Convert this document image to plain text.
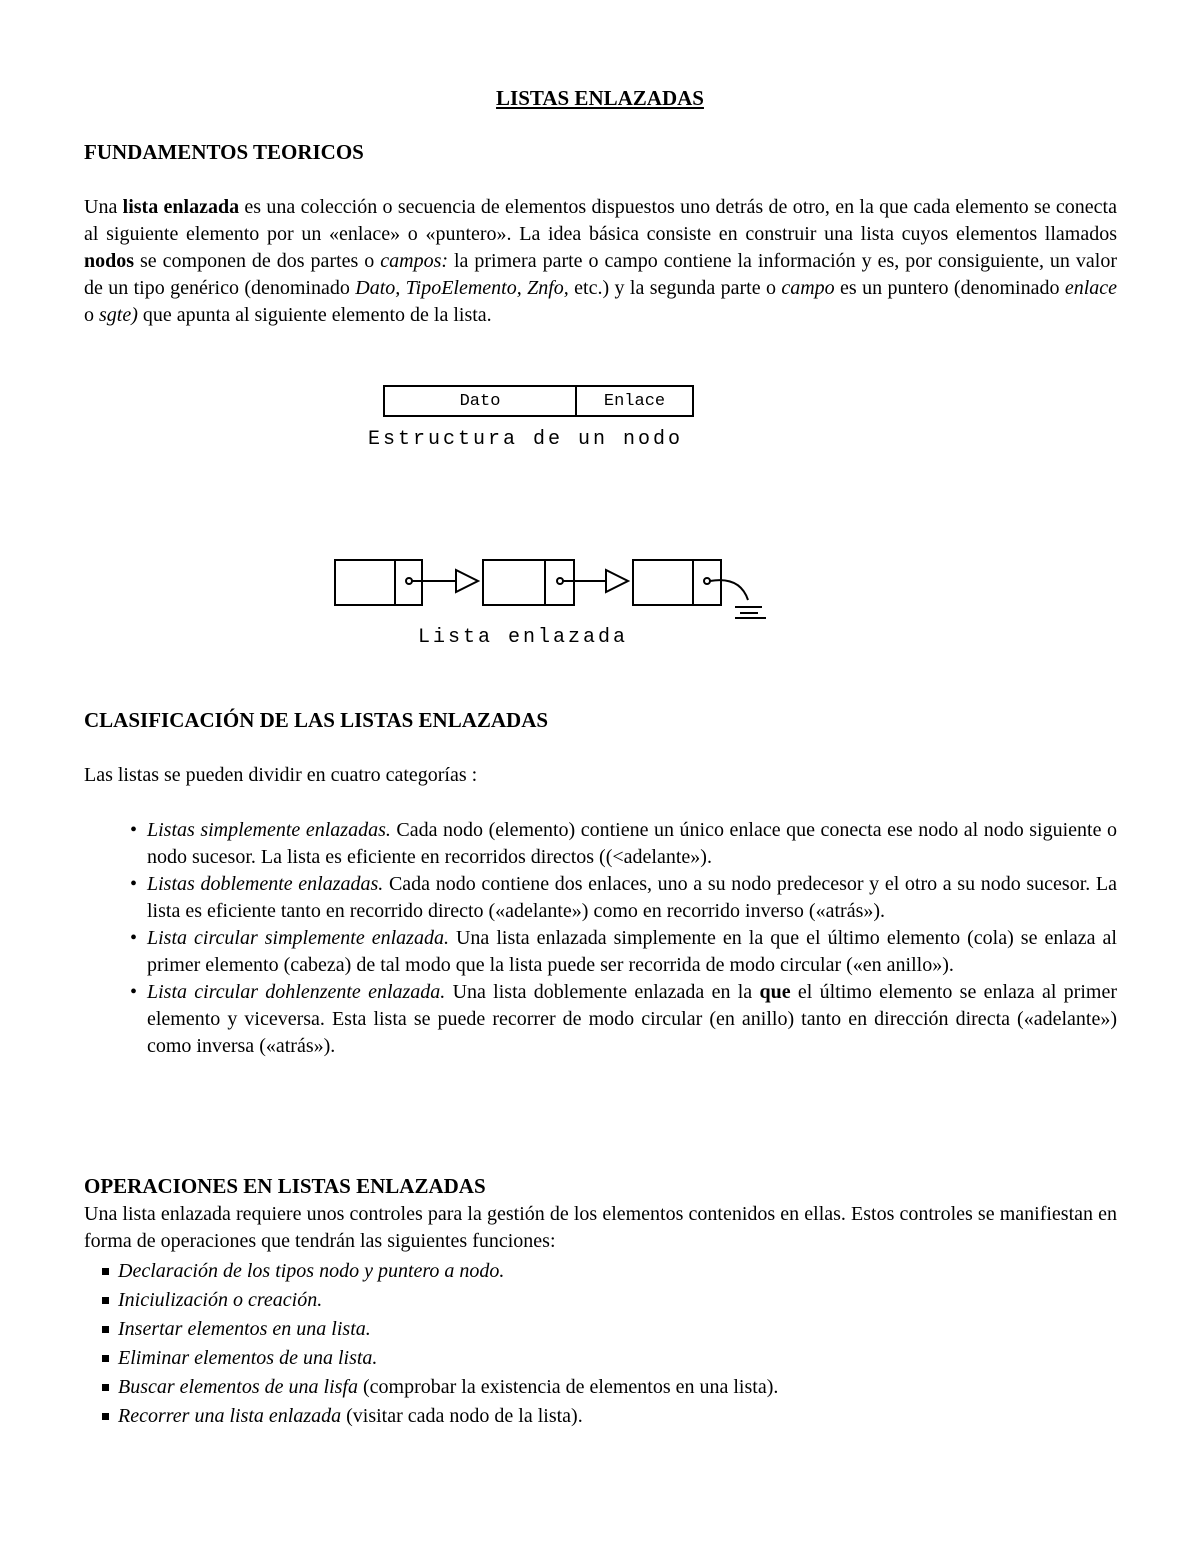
LISTAS ENLAZADAS
FUNDAMENTOS TEORICOS

Una lista enlazada es una colección o secuencia de elementos dispuestos uno detrás de otro, en la que cada elemento se conecta al siguiente elemento por un «enlace» o «puntero». La idea básica consiste en construir una lista cuyos elementos llamados nodos se componen de dos partes o campos: la primera parte o campo contiene la información y es, por consiguiente, un valor de un tipo genérico (denominado Dato, TipoElemento, Znfo, etc.) y la segunda parte o campo es un puntero (denominado enlace o sgte) que apunta al siguiente elemento de la lista.

Dato	Enlace
Estructura de un nodo
Lista enlazada
CLASIFICACIÓN DE LAS LISTAS ENLAZADAS

Las listas se pueden dividir en cuatro categorías :

• Listas simplemente enlazadas. Cada nodo (elemento) contiene un único enlace que conecta ese nodo al nodo siguiente o nodo sucesor. La lista es eficiente en recorridos directos ((<adelante»).
• Listas doblemente enlazadas. Cada nodo contiene dos enlaces, uno a su nodo predecesor y el otro a su nodo sucesor. La lista es eficiente tanto en recorrido directo («adelante») como en recorrido inverso («atrás»).
• Lista circular simplemente enlazada. Una lista enlazada simplemente en la que el último elemento (cola) se enlaza al primer elemento (cabeza) de tal modo que la lista puede ser recorrida de modo circular («en anillo»).
• Lista circular dohlenzente enlazada. Una lista doblemente enlazada en la que el último elemento se enlaza al primer elemento y viceversa. Esta lista se puede recorrer de modo circular (en anillo) tanto en dirección directa («adelante») como inversa («atrás»).
OPERACIONES EN LISTAS ENLAZADAS

Una lista enlazada requiere unos controles para la gestión de los elementos contenidos en ellas. Estos controles se manifiestan en forma de operaciones que tendrán las siguientes funciones:

Declaración de los tipos nodo y puntero a nodo.
Iniciulización o creación.
Insertar elementos en una lista.
Eliminar elementos de una lista.
Buscar elementos de una lisfa (comprobar la existencia de elementos en una lista).
Recorrer una lista enlazada (visitar cada nodo de la lista).
